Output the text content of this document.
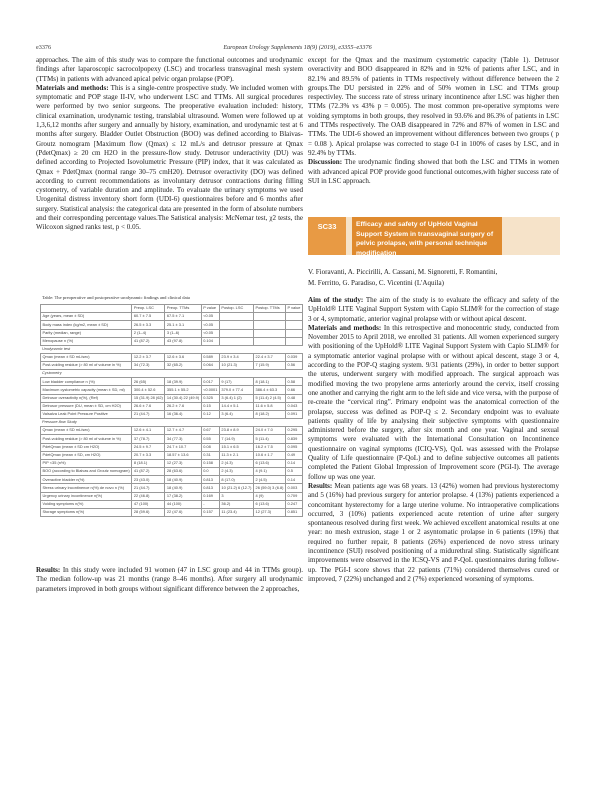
e3376	European Urology Supplements 18(9) (2019), e3355–e3376

approaches. The aim of this study was to compare the functional outcomes and urodynamic findings after laparoscopic sacrocolpopexy (LSC) and trocarless transvaginal mesh system (TTMs) in patients with advanced apical pelvic organ prolapse (POP).

Materials and methods: This is a single-centre prospective study. We included women with symptomatic and POP stage II-IV, who underwent LSC and TTMs. All surgical procedures were performed by two senior surgeons. The preoperative evaluation included: history, clinical examination, urodynamic testing, translabial ultrasound. Women were followed up at 1,3,6,12 months after surgery and annually by history, examination, and urodynamic test at 6 months after surgery. Bladder Outlet Obstruction (BOO) was defined according to Blaivas-Groutz nomogram [Maximum flow (Qmax) ≤ 12 mL/s and detrusor pressure at Qmax (PdetQmax) ≥ 20 cm H2O in the pressure-flow study. Detrusor underactivity (DU) was defined according to Projected Isovolumetric Pressure (PIP) index, that it was calculated as Qmax + PdetQmax (normal range 30–75 cmH20). Detrusor overactivity (DO) was defined according to current recommendations as involuntary detrusor contractions during filling cystometry, of variable duration and amplitude. To evaluate the urinary symptoms we used Urogenital distress inventory short form (UDI-6) questionnaires before and 6 months after surgery. Statistical analysis: the categorical data are presented in the form of absolute numbers and their corresponding percentage values.The Satistical analysis: McNemar test, χ2 tests, the Wilcoxon signed ranks test, p < 0.05.

Table: The preoperative and postoperative urodynamic findings and clinical data
	Preop. LSC	Preop. TTMs	P value	Postop. LSC	Postop. TTMs	P value
Age (years, mean ± SD)	60.7 ± 7.5	67.5 ± 7.1	<0.05			
Body mass index (kg/m2, mean ± SD)	26.5 ± 3.3	25.1 ± 3.1	<0.05			
Parity (median, range)	2 (1–4)	3 (1–6)	<0.05			
Menopause n (%)	41 (87.2)	43 (97.8)	0.104			
Urodynamic test						
Qmax (mean ± SD mL/sec)	12.2 ± 3.7	12.6 ± 3.6	0.589	23.9 ± 3.4	22.4 ± 3.7	0.039
Post-voiding residue (> 80 ml of volume in %)	34 (72.3)	32 (65.2)	0.064	10 (21.3)	7 (15.9)	0.56
Cystometry						
Low bladder compliance n (%)	26 (65)	18 (39.9)	0.017	9 (17)	8 (18.1)	0.58
Maximum cystometric capacity (mean ± SD, ml)	300.4 ± 52.6	355.1 ± 55.2	<0.0001	379.0 ± 77.4	386.4 ± 63.3	0.66
Detrusor overactivity n(%), (Ref)	15 (31.9) 28 (62)	14 (30.4) 22 (49.9)	0.325	3 (6.4) 1 (2)	5 (11.4) 2 (4.5)	0.48
Detrusor pressure (DU, mean ± SD, cm H2O)	26.6 ± 7.6	26.2 ± 7.6	0.15	14.4 ± 5.1	11.6 ± 5.8	0.043
Valsalva Leak Point Pressure Positive	21 (44.7)	16 (36.4)	0.12	3 (6.4)	8 (18.2)	0.091
Pressure-flow Study						
Qmax (mean ± SD mL/sec)	12.6 ± 4.1	12.7 ± 4.7	0.67	23.8 ± 8.9	24.0 ± 7.0	0.295
Post-voiding residue (> 80 ml of volume in %)	37 (78.7)	34 (77.3)	0.55	7 (14.9)	5 (11.4)	0.839
PdetQmax (mean ± SD cm H2O)	24.5 ± 9.7	24.7 ± 10.7	0.08	15.1 ± 6.5	16.2 ± 7.5	0.095
PdetQmax (mean ± SD, cm H2O)	20.7 ± 3.3	18.57 ± 13.6	0.31	11.3 ± 2.1	10.6 ± 1.7	0.49
PIP <35 (n%)	8 (18.1)	12 (27.3)	0.158	2 (4.3)	6 (13.6)	0.14
BOO (according to Blaivas and Groutz nomogram)	41 (87.2)	28 (63.6)	0.0	2 (4.3)	4 (9.1)	0.5
Overactive bladder n(%)	23 (43.0)	18 (40.9)	0.813	8 (17.0)	2 (4.5)	0.14
Stress urinary incontinence n(%) de novo n (%)	21 (44.7)	18 (40.9)	0.813	10 (21.2) 6 (12.7)	26 (59.0) 3 (6.8)	0.003
Urgency urinary incontinence n(%)	22 (46.8)	17 (38.2)	0.169	3	4 (9)	0.709
Voiding symptoms n(%)	47 (100)	44 (100)	-	36.2)	6 (13.6)	0.247
Storage symptoms n(%)	28 (59.6)	22 (47.6)	0.157	11 (23.4)	12 (27.3)	0.851
Results: In this study were included 91 women (47 in LSC group and 44 in TTMs group). The median follow-up was 21 months (range 8–46 months). After surgery all urodynamic parameters improved in both groups without significant difference between the 2 approaches,

except for the Qmax and the maximum cystometric capacity (Table 1). Detrusor overactivity and BOO disappeared in 82% and in 92% of patients after LSC, and in 82.1% and 89.5% of patients in TTMs respectively without difference between the 2 groups.The DU persisted in 22% and of 50% women in LSC and TTMs group respectivley. The success rate of stress urinary incontinence after LSC was higher then TTMs (72.3% vs 43% p = 0.005). The most common pre-operative symptoms were voiding symptoms in both groups, they resolved in 93.6% and 86.3% of patients in LSC and TTMs respectively. The OAB disappeared in 72% and 87% of women in LSC and TTMs. The UDI-6 showed an improvement without differences between two groups ( p = 0.08 ). Apical prolapse was corrected to stage 0-I in 100% of cases by LSC, and in 92.4% by TTMs.

Discussion: The urodynamic finding showed that both the LSC and TTMs in women with advanced apical POP provide good functional outcomes,with higher success rate of SUI in LSC approach.

SC33	Efficacy and safety of UpHold Vaginal Support System in transvaginal surgery of pelvic prolapse, with personal technique modification
V. Fioravanti, A. Piccirilli, A. Cassani, M. Signoretti, F. Romantini,
M. Ferritto, G. Paradiso, C. Vicentini (L'Aquila)

Aim of the study: The aim of the study is to evaluate the efficacy and safety of the UpHold® LITE Vaginal Support System with Capio SLIM® for the correction of stage 3 or 4, symptomatic, anterior vaginal prolapse with or without apical descent.

Materials and methods: In this retrospective and monocentric study, conducted from November 2015 to April 2018, we enrolled 31 patients. All women experienced surgery with positioning of the UpHold® LITE Vaginal Support System with Capio SLIM® for a symptomatic anterior vaginal prolapse with or without apical descent, stage 3 or 4, according to the POP-Q staging system. 9/31 patients (29%), in order to better support the uterus, underwent surgery with modified approach. The surgical approach was modified moving the two propylene arms anteriorly around the cervix, itself crossing one another and carrying the right arm to the left side and vice versa, with the purpose of re-create the “cervical ring”. Primary endpoint was the anatomical correction of the prolapse, success was defined as POP-Q ≤ 2. Secondary endpoint was to evaluate patients quality of life by analysing their subjective symptoms with questionnaire administered before the surgery, after six month and one year. Vaginal and sexual symptoms were evaluated with the International Consultation on Incontinence questionnaire on vaginal symptoms (ICIQ-VS), QoL was assessed with the Prolapse Quality of Life questionnaire (P-QoL) and to define subjective outcomes all patients completed the Patient Global Impression of Improvement score (PGI-I). The average follow up was one year.

Results: Mean patients age was 68 years. 13 (42%) women had previous hysterectomy and 5 (16%) had previous surgery for anterior prolapse. 4 (13%) patients experienced a concomitant hysterectomy for a large uterine volume. No intraoperative complications occurred, 3 (10%) patients experienced acute retention of urine after surgery spontaneous resolved during first week. We achieved excellent anatomical results at one year: no mesh extrusion, stage 1 or 2 asyntomatic prolapse in 6 patients (19%) that required no further repair, 8 patients (26%) experienced de novo stress urinary incontinence (SUI) resolved positioning of a midurethral sling. Statistically significant improvements were observed in the ICSQ-VS and P-QoL questionnaires during follow-up. The PGI-I score shows that 22 patients (71%) considered themselves cured or improved, 7 (22%) unchanged and 2 (7%) experienced worsening of symptoms.
